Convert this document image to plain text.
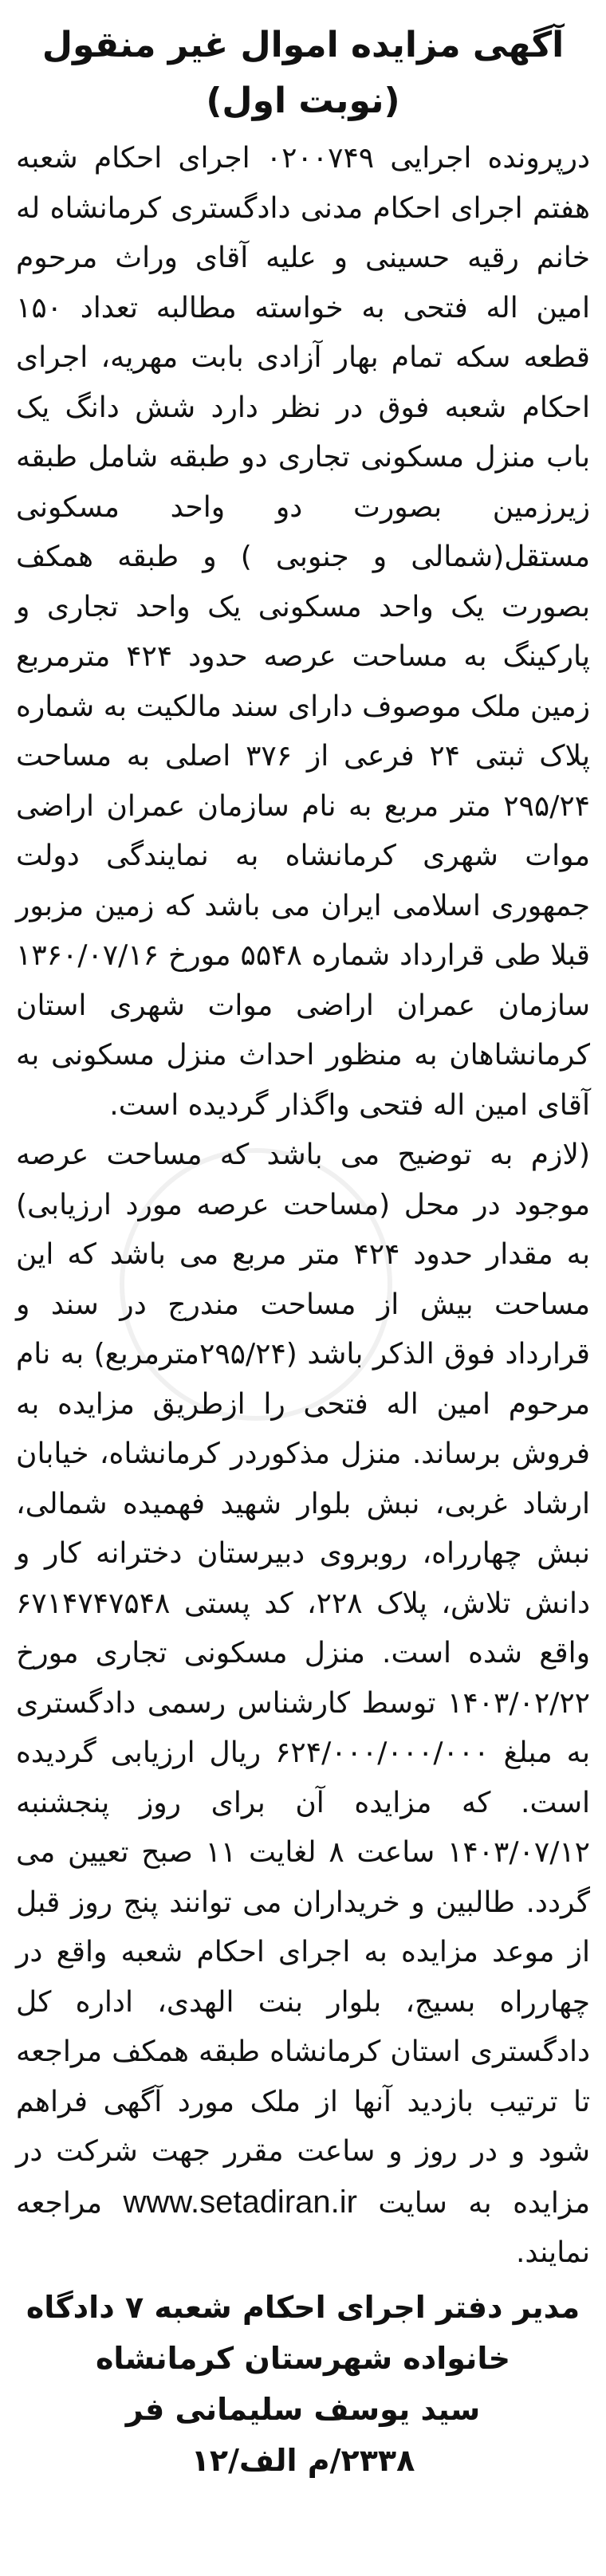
آگهی مزایده اموال غیر منقول
(نوبت اول)

درپرونده اجرایی ۰۲۰۰۷۴۹ اجرای احکام شعبه هفتم اجرای احکام مدنی دادگستری کرمانشاه له خانم رقیه حسینی و علیه آقای وراث مرحوم امین اله فتحی به خواسته مطالبه تعداد ۱۵۰ قطعه سکه تمام بهار آزادی بابت مهریه، اجرای احکام شعبه فوق در نظر دارد شش دانگ یک باب منزل مسکونی تجاری دو طبقه شامل طبقه زیرزمین بصورت دو واحد مسکونی مستقل(شمالی و جنوبی ) و طبقه همکف بصورت یک واحد مسکونی یک واحد تجاری و پارکینگ به مساحت عرصه حدود ۴۲۴ مترمربع زمین ملک موصوف دارای سند مالکیت به شماره پلاک ثبتی ۲۴ فرعی از ۳۷۶ اصلی به مساحت ۲۹۵/۲۴ متر مربع به نام سازمان عمران اراضی موات شهری کرمانشاه به نمایندگی دولت جمهوری اسلامی ایران می باشد که زمین مزبور قبلا طی قرارداد شماره ۵۵۴۸ مورخ ۱۳۶۰/۰۷/۱۶ سازمان عمران اراضی موات شهری استان کرمانشاهان به منظور احداث منزل مسکونی به آقای امین اله فتحی واگذار گردیده است.

(لازم به توضیح می باشد که مساحت عرصه موجود در محل (مساحت عرصه مورد ارزیابی) به مقدار حدود ۴۲۴ متر مربع می باشد که این مساحت بیش از مساحت مندرج در سند و قرارداد فوق الذکر باشد (۲۹۵/۲۴مترمربع) به نام مرحوم امین اله فتحی را ازطریق مزایده به فروش برساند. منزل مذکوردر کرمانشاه، خیابان ارشاد غربی، نبش بلوار شهید فهمیده شمالی، نبش چهارراه، روبروی دبیرستان دخترانه کار و دانش تلاش، پلاک ۲۲۸، کد پستی ۶۷۱۴۷۴۷۵۴۸ واقع شده است. منزل مسکونی تجاری مورخ ۱۴۰۳/۰۲/۲۲ توسط کارشناس رسمی دادگستری به مبلغ ۶۲۴/۰۰۰/۰۰۰/۰۰۰ ریال ارزیابی گردیده است. که مزایده آن برای روز پنجشنبه ۱۴۰۳/۰۷/۱۲ ساعت ۸ لغایت ۱۱ صبح تعیین می گردد. طالبین و خریداران می توانند پنج روز قبل از موعد مزایده به اجرای احکام شعبه واقع در چهارراه بسیج، بلوار بنت الهدی، اداره کل دادگستری استان کرمانشاه طبقه همکف مراجعه تا ترتیب بازدید آنها از ملک مورد آگهی فراهم شود و در روز و ساعت مقرر جهت شرکت در مزایده به سایت www.setadiran.ir مراجعه نمایند.

مدیر دفتر اجرای احکام شعبه ۷ دادگاه
خانواده شهرستان کرمانشاه
سید یوسف سلیمانی فر
۲۳۳۸/م الف/۱۲
